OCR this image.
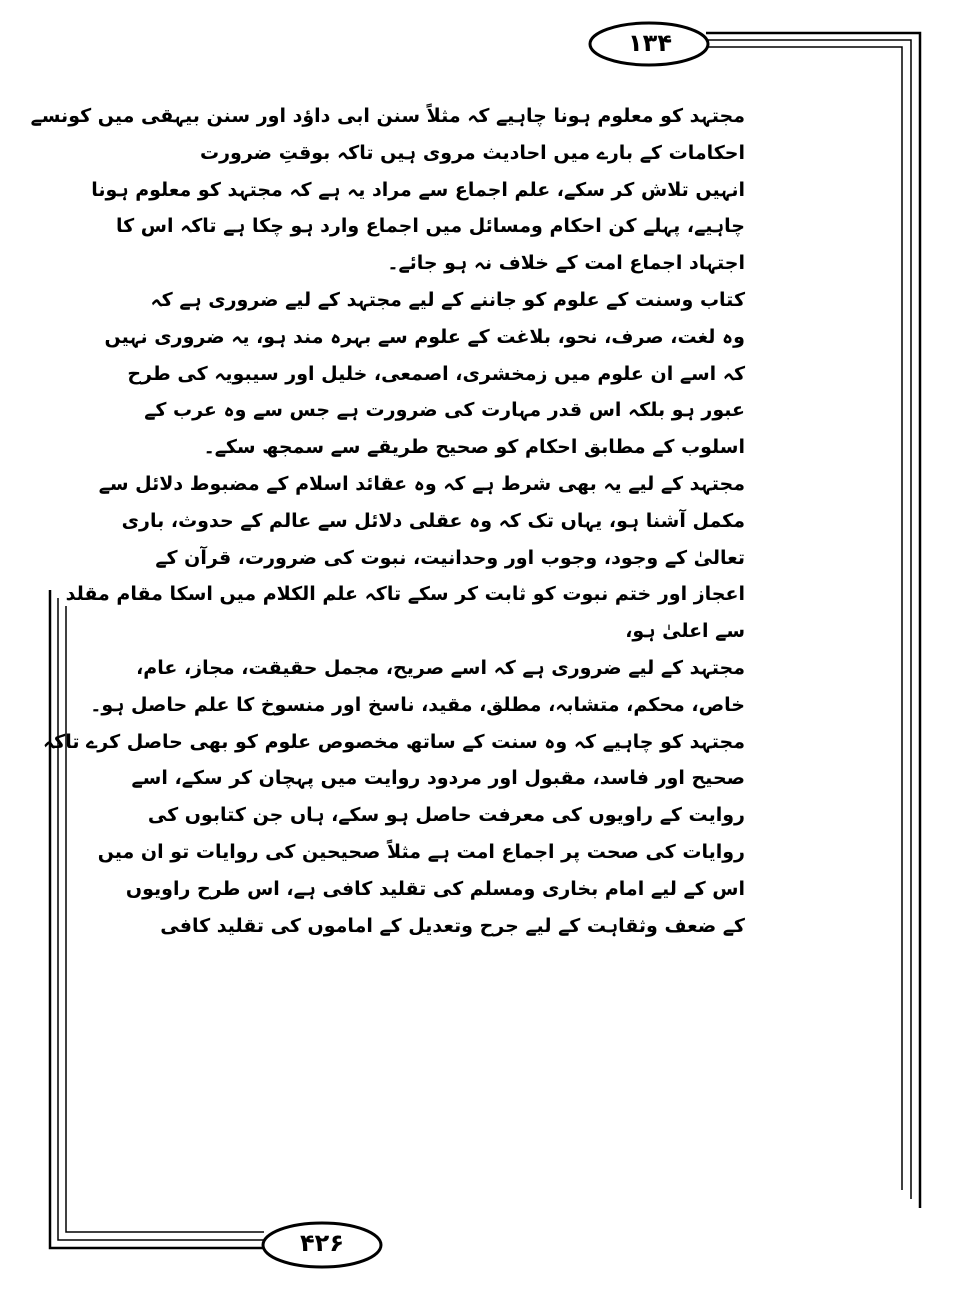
۱۳۴
۴۲۶
مجتہد کو معلوم ہونا چاہیے کہ مثلاً سنن ابی داؤد اور سنن بیہقی میں کونسے
احکامات کے بارے میں احادیث مروی ہیں تاکہ بوقتِ ضرورت
انہیں تلاش کر سکے، علم اجماع سے مراد یہ ہے کہ مجتہد کو معلوم ہونا
چاہیے، پہلے کن احکام ومسائل میں اجماع وارد ہو چکا ہے تاکہ اس کا
اجتہاد اجماع امت کے خلاف نہ ہو جائے۔
کتاب وسنت کے علوم کو جاننے کے لیے مجتہد کے لیے ضروری ہے کہ
وہ لغت، صرف، نحو، بلاغت کے علوم سے بہرہ مند ہو، یہ ضروری نہیں
کہ اسے ان علوم میں زمخشری، اصمعی، خلیل اور سیبویہ کی طرح
عبور ہو بلکہ اس قدر مہارت کی ضرورت ہے جس سے وہ عرب کے
اسلوب کے مطابق احکام کو صحیح طریقے سے سمجھ سکے۔
مجتہد کے لیے یہ بھی شرط ہے کہ وہ عقائد اسلام کے مضبوط دلائل سے
مکمل آشنا ہو، یہاں تک کہ وہ عقلی دلائل سے عالم کے حدوث، باری
تعالیٰ کے وجود، وجوب اور وحدانیت، نبوت کی ضرورت، قرآن کے
اعجاز اور ختم نبوت کو ثابت کر سکے تاکہ علم الکلام میں اسکا مقام مقلد
سے اعلیٰ ہو،
مجتہد کے لیے ضروری ہے کہ اسے صریح، مجمل حقیقت، مجاز، عام،
خاص، محکم، متشابہ، مطلق، مقید، ناسخ اور منسوخ کا علم حاصل ہو۔
مجتہد کو چاہیے کہ وہ سنت کے ساتھ مخصوص علوم کو بھی حاصل کرے تاکہ
صحیح اور فاسد، مقبول اور مردود روایت میں پہچان کر سکے، اسے
روایت کے راویوں کی معرفت حاصل ہو سکے، ہاں جن کتابوں کی
روایات کی صحت پر اجماع امت ہے مثلاً صحیحین کی روایات تو ان میں
اس کے لیے امام بخاری ومسلم کی تقلید کافی ہے، اس طرح راویوں
کے ضعف وثقاہت کے لیے جرح وتعدیل کے اماموں کی تقلید کافی
